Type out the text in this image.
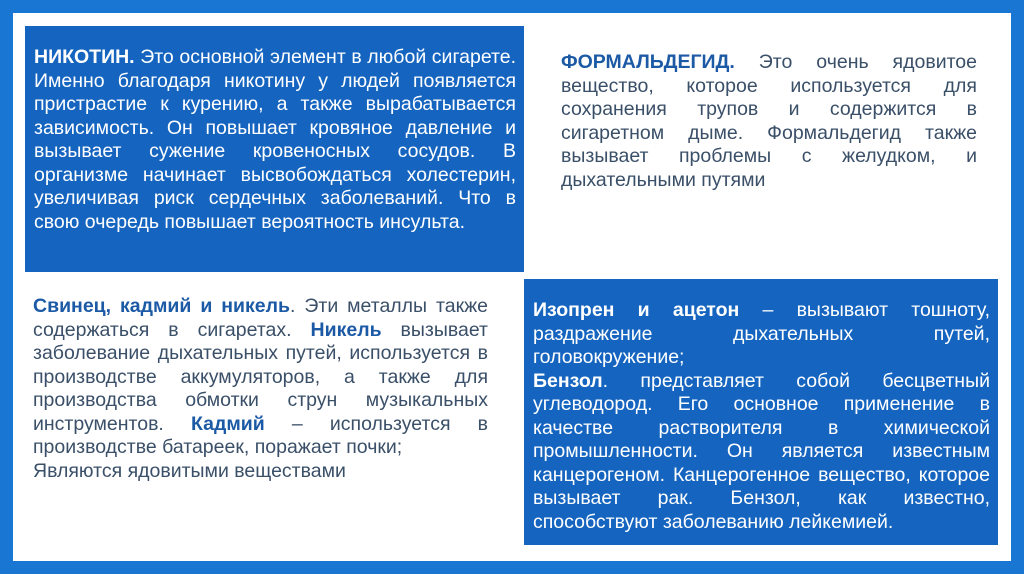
НИКОТИН. Это основной элемент в любой сигарете. Именно благодаря никотину у людей появляется пристрастие к курению, а также вырабатывается зависимость. Он повышает кровяное давление и вызывает сужение кровеносных сосудов. В организме начинает высвобождаться холестерин, увеличивая риск сердечных заболеваний. Что в свою очередь повышает вероятность инсульта.

ФОРМАЛЬДЕГИД. Это очень ядовитое вещество, которое используется для сохранения трупов и содержится в сигаретном дыме. Формальдегид также вызывает проблемы с желудком, и дыхательными путями

Свинец, кадмий и никель. Эти металлы также содержаться в сигаретах. Никель вызывает заболевание дыхательных путей, используется в производстве аккумуляторов, а также для производства обмотки струн музыкальных инструментов. Кадмий – используется в производстве батареек, поражает почки;

Являются ядовитыми веществами

Изопрен и ацетон – вызывают тошноту, раздражение дыхательных путей, головокружение;

Бензол. представляет собой бесцветный углеводород. Его основное применение в качестве растворителя в химической промышленности. Он является известным канцерогеном. Канцерогенное вещество, которое вызывает рак. Бензол, как известно, способствуют заболеванию лейкемией.
